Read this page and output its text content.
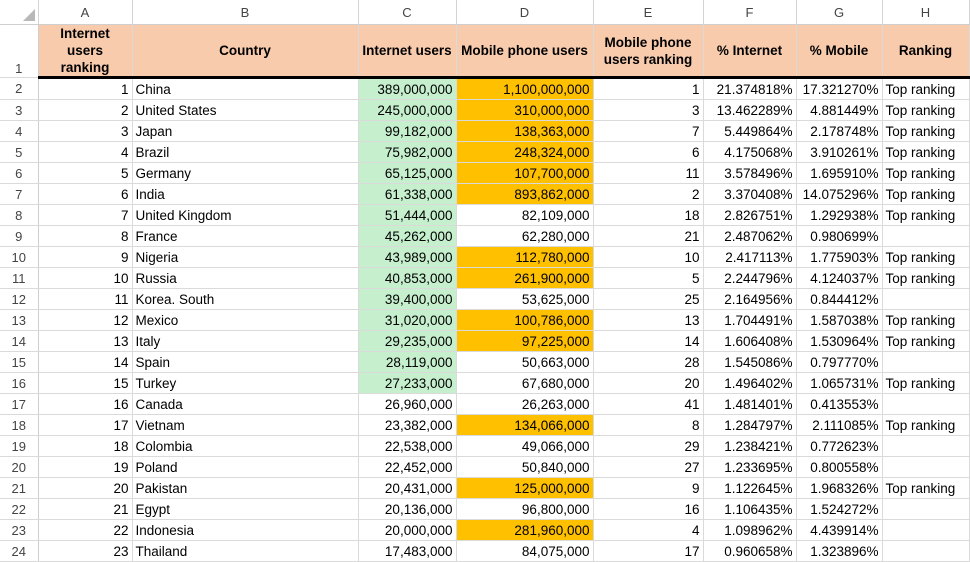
	A	B	C	D	E	F	G	H
1	Internet users ranking	Country	Internet users	Mobile phone users	Mobile phone users ranking	% Internet	% Mobile	Ranking
2	1	China	389,000,000	1,100,000,000	1	21.374818%	17.321270%	Top ranking
3	2	United States	245,000,000	310,000,000	3	13.462289%	4.881449%	Top ranking
4	3	Japan	99,182,000	138,363,000	7	5.449864%	2.178748%	Top ranking
5	4	Brazil	75,982,000	248,324,000	6	4.175068%	3.910261%	Top ranking
6	5	Germany	65,125,000	107,700,000	11	3.578496%	1.695910%	Top ranking
7	6	India	61,338,000	893,862,000	2	3.370408%	14.075296%	Top ranking
8	7	United Kingdom	51,444,000	82,109,000	18	2.826751%	1.292938%	Top ranking
9	8	France	45,262,000	62,280,000	21	2.487062%	0.980699%	
10	9	Nigeria	43,989,000	112,780,000	10	2.417113%	1.775903%	Top ranking
11	10	Russia	40,853,000	261,900,000	5	2.244796%	4.124037%	Top ranking
12	11	Korea. South	39,400,000	53,625,000	25	2.164956%	0.844412%	
13	12	Mexico	31,020,000	100,786,000	13	1.704491%	1.587038%	Top ranking
14	13	Italy	29,235,000	97,225,000	14	1.606408%	1.530964%	Top ranking
15	14	Spain	28,119,000	50,663,000	28	1.545086%	0.797770%	
16	15	Turkey	27,233,000	67,680,000	20	1.496402%	1.065731%	Top ranking
17	16	Canada	26,960,000	26,263,000	41	1.481401%	0.413553%	
18	17	Vietnam	23,382,000	134,066,000	8	1.284797%	2.111085%	Top ranking
19	18	Colombia	22,538,000	49,066,000	29	1.238421%	0.772623%	
20	19	Poland	22,452,000	50,840,000	27	1.233695%	0.800558%	
21	20	Pakistan	20,431,000	125,000,000	9	1.122645%	1.968326%	Top ranking
22	21	Egypt	20,136,000	96,800,000	16	1.106435%	1.524272%	
23	22	Indonesia	20,000,000	281,960,000	4	1.098962%	4.439914%	
24	23	Thailand	17,483,000	84,075,000	17	0.960658%	1.323896%	
